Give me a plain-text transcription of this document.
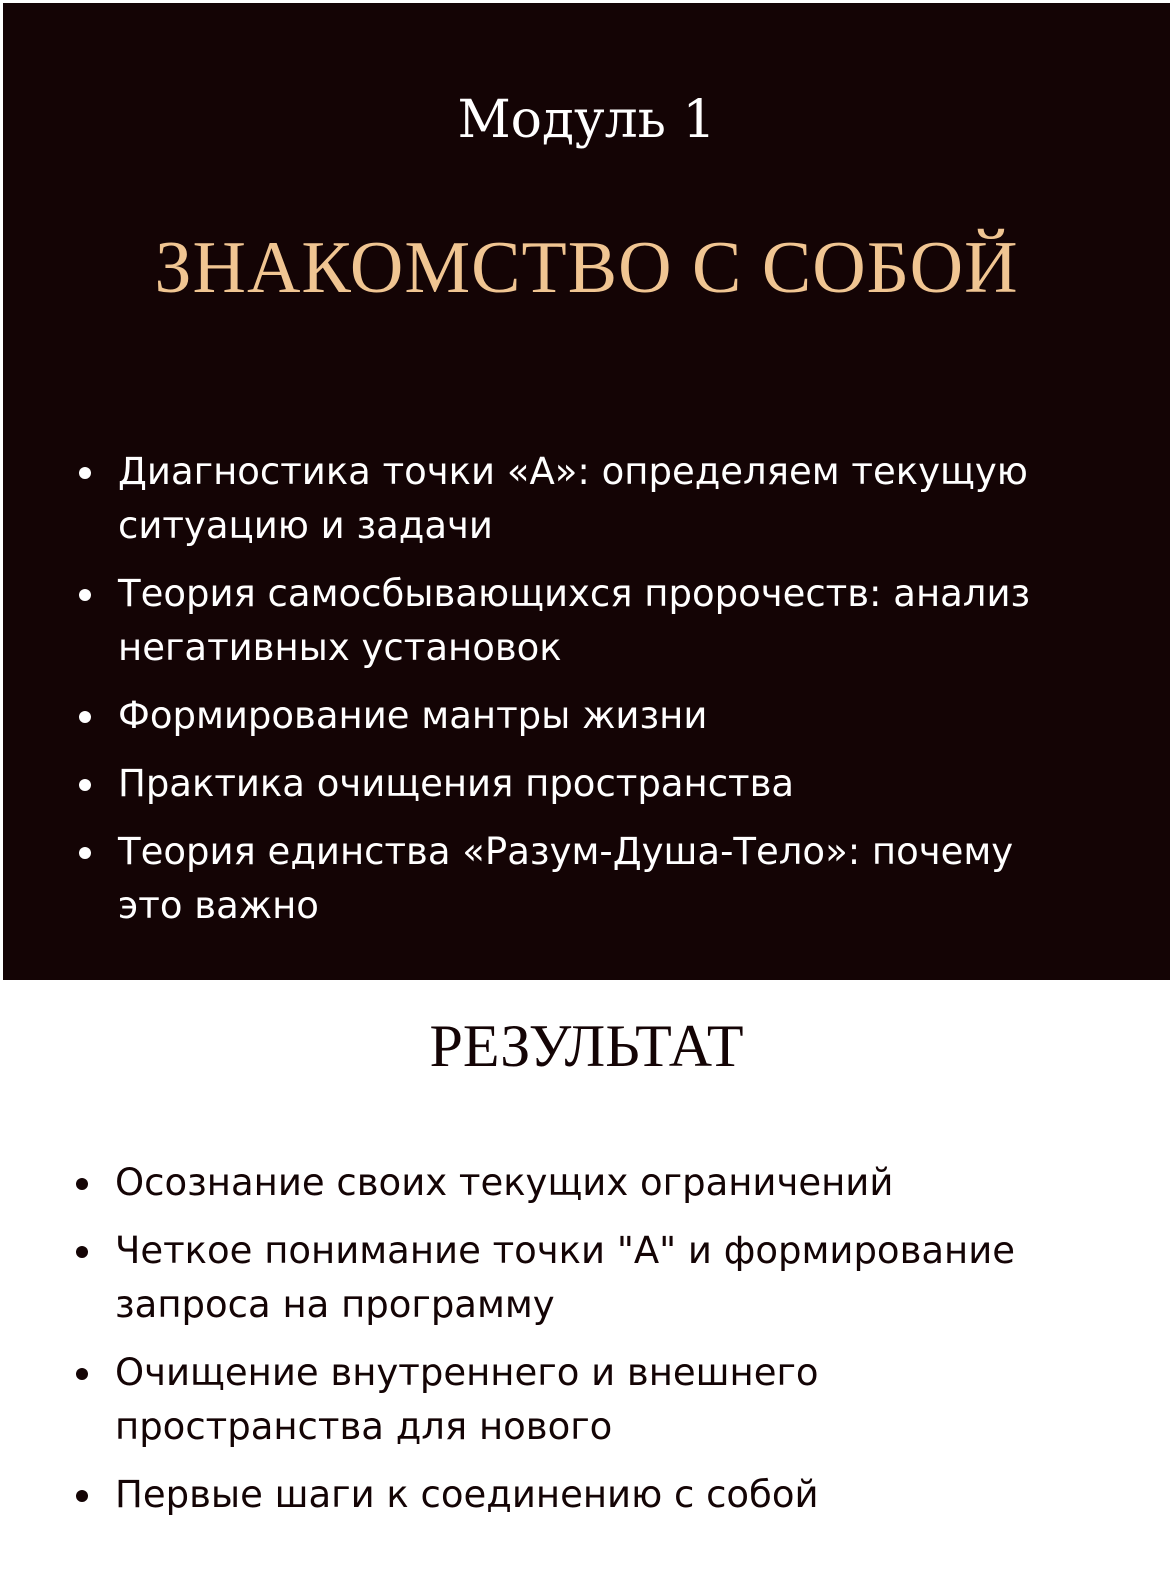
Модуль 1
ЗНАКОМСТВО С СОБОЙ
Диагностика точки «А»: определяем текущую ситуацию и задачи
Теория самосбывающихся пророчеств: анализ негативных установок
Формирование мантры жизни
Практика очищения пространства
Теория единства «Разум-Душа-Тело»: почему это важно
РЕЗУЛЬТАТ
Осознание своих текущих ограничений
Четкое понимание точки "А" и формирование запроса на программу
Очищение внутреннего и внешнего пространства для нового
Первые шаги к соединению с собой
